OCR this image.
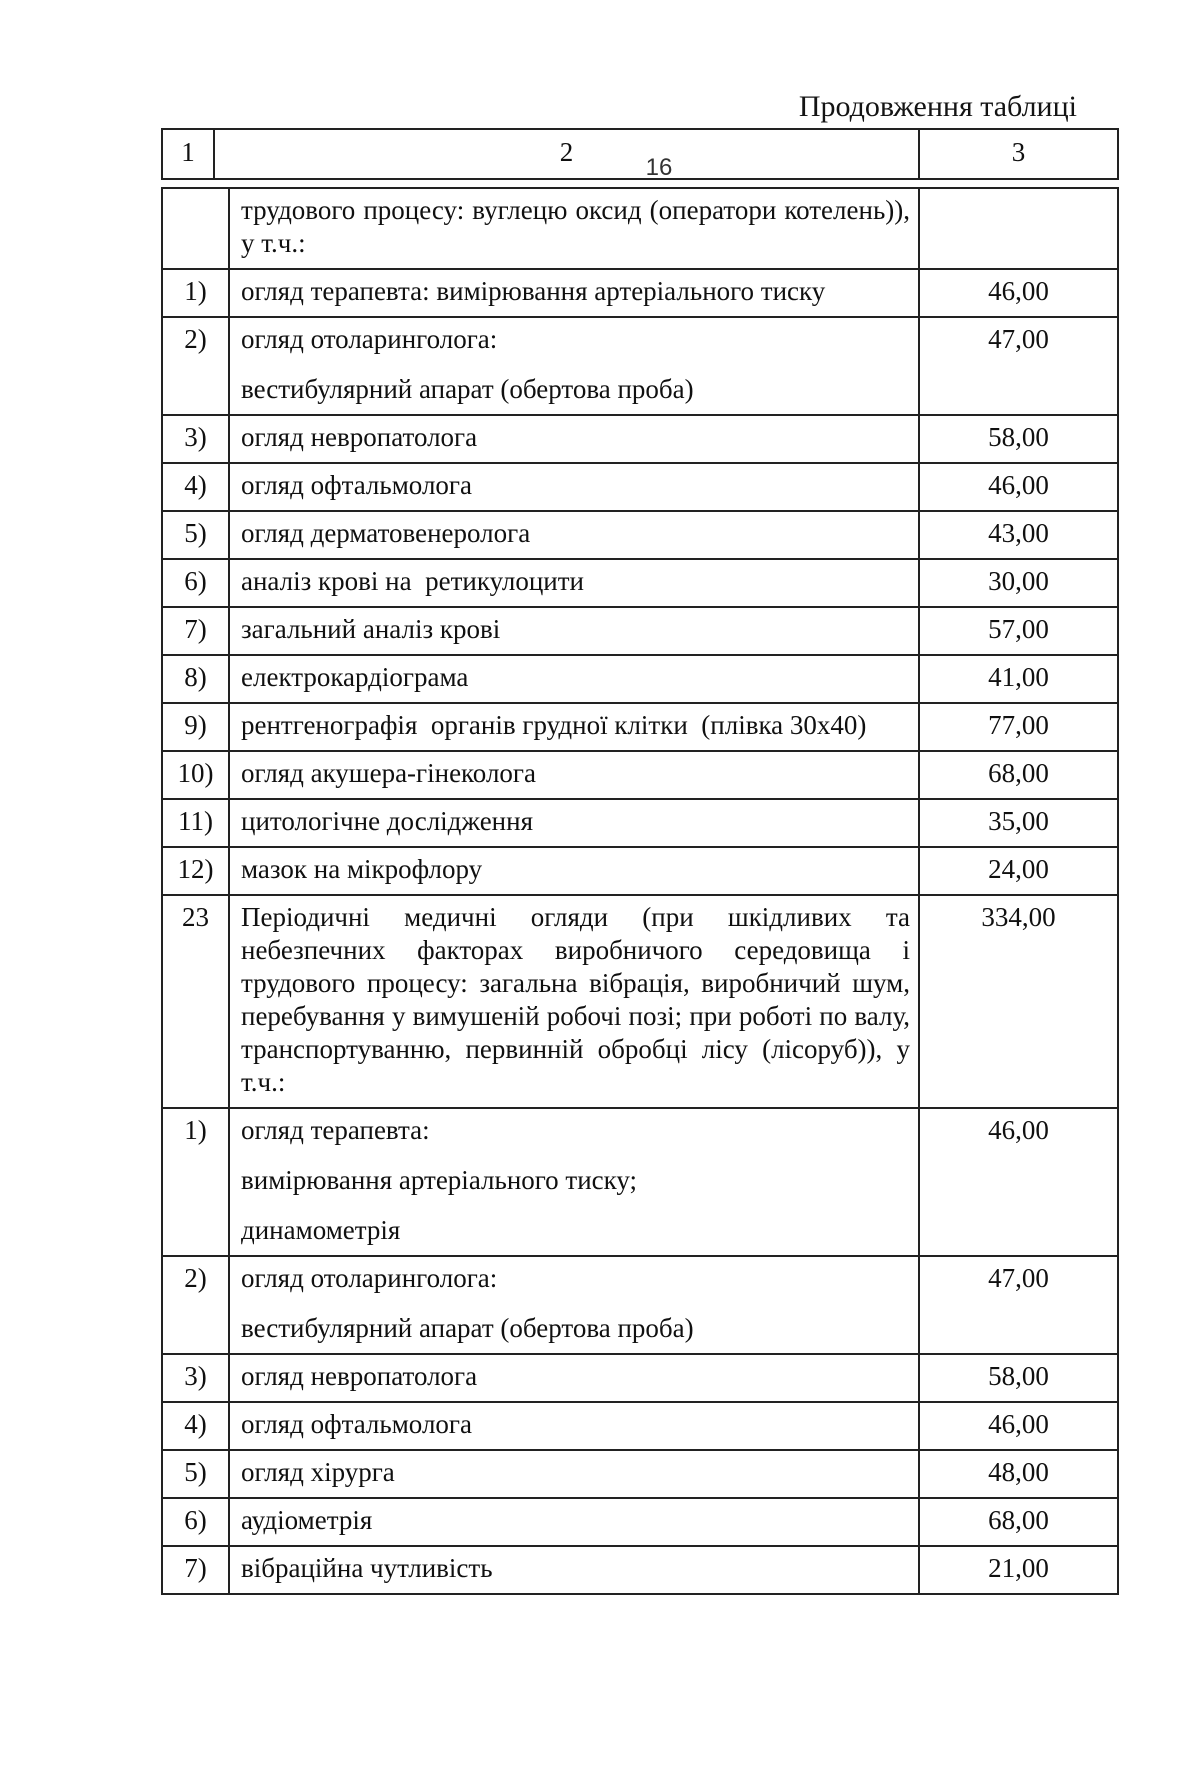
16
Продовження таблиці
1	2	3

	трудового процесу: вуглецю оксид (оператори котелень)), у т.ч.:	

1)	огляд терапевта: вимірювання артеріального тиску	46,00
2)	огляд отоларинголога:

вестибулярний апарат (обертова проба)	47,00
3)	огляд невропатолога	58,00
4)	огляд офтальмолога	46,00
5)	огляд дерматовенеролога	43,00
6)	аналіз крові на  ретикулоцити	30,00
7)	загальний аналіз крові	57,00
8)	електрокардіограма	41,00
9)	рентгенографія  органів грудної клітки  (плівка 30х40)	77,00
10)	огляд акушера-гінеколога	68,00
11)	цитологічне дослідження	35,00
12)	мазок на мікрофлору	24,00
23	Періодичні медичні огляди (при шкідливих та небезпечних факторах виробничого середовища і трудового процесу: загальна вібрація, виробничий шум, перебування у вимушеній робочі позі; при роботі по валу, транспортуванню, первинній обробці лісу (лісоруб)), у т.ч.:	334,00
1)	огляд терапевта:

вимірювання артеріального тиску;

динамометрія	46,00
2)	огляд отоларинголога:

вестибулярний апарат (обертова проба)	47,00
3)	огляд невропатолога	58,00
4)	огляд офтальмолога	46,00
5)	огляд хірурга	48,00
6)	аудіометрія	68,00
7)	вібраційна чутливість	21,00
